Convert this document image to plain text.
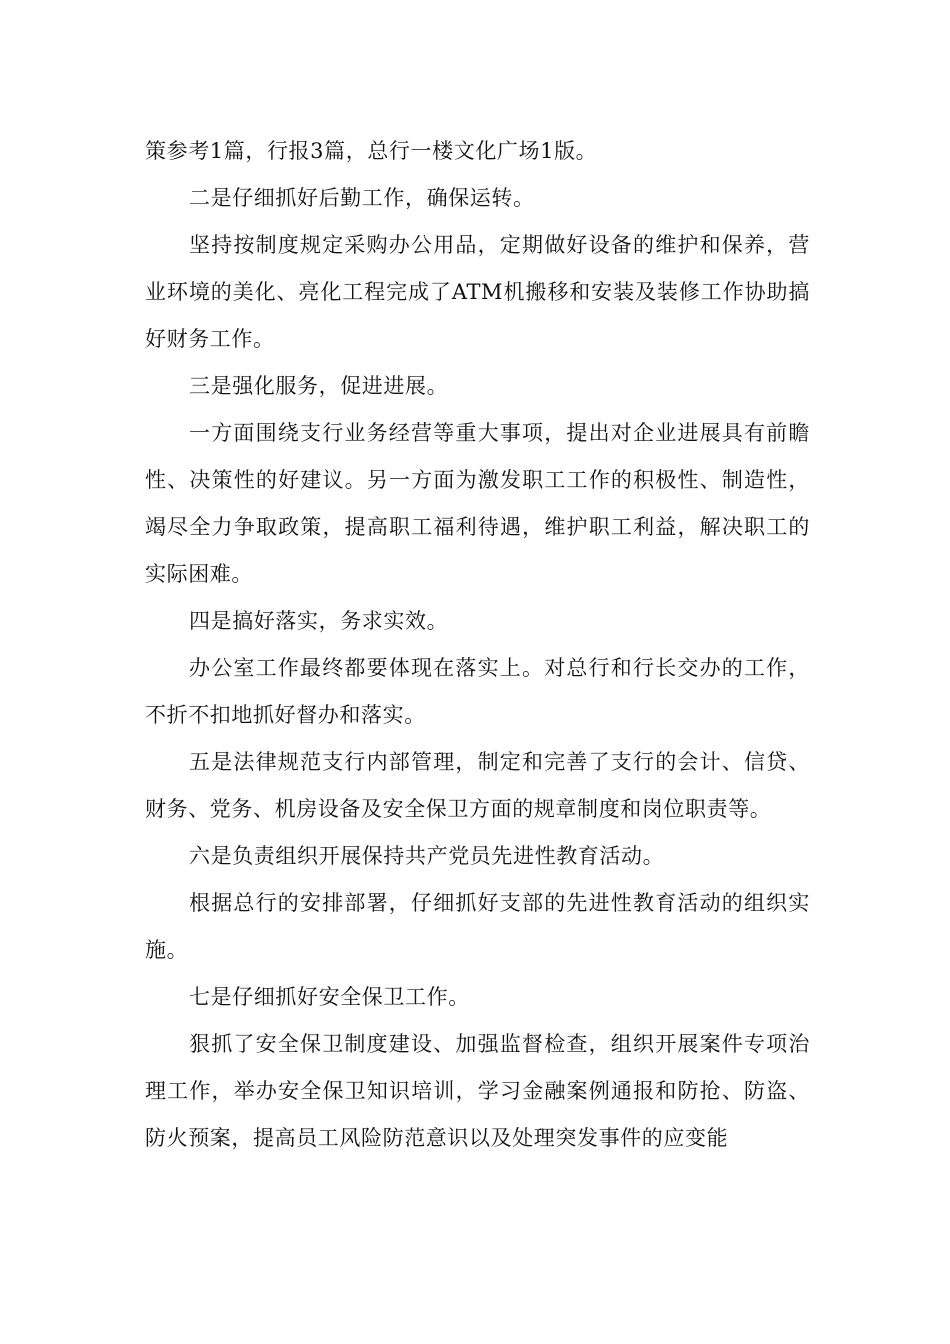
策参考1篇，行报3篇，总行一楼文化广场1版。

二是仔细抓好后勤工作，确保运转。

坚持按制度规定采购办公用品，定期做好设备的维护和保养，营业环境的美化、亮化工程完成了ATM机搬移和安装及装修工作协助搞好财务工作。

三是强化服务，促进进展。

一方面围绕支行业务经营等重大事项，提出对企业进展具有前瞻性、决策性的好建议。另一方面为激发职工工作的积极性、制造性，竭尽全力争取政策，提高职工福利待遇，维护职工利益，解决职工的实际困难。

四是搞好落实，务求实效。

办公室工作最终都要体现在落实上。对总行和行长交办的工作，不折不扣地抓好督办和落实。

五是法律规范支行内部管理，制定和完善了支行的会计、信贷、财务、党务、机房设备及安全保卫方面的规章制度和岗位职责等。

六是负责组织开展保持共产党员先进性教育活动。

根据总行的安排部署，仔细抓好支部的先进性教育活动的组织实施。

七是仔细抓好安全保卫工作。

狠抓了安全保卫制度建设、加强监督检查，组织开展案件专项治理工作，举办安全保卫知识培训，学习金融案例通报和防抢、防盗、防火预案，提高员工风险防范意识以及处理突发事件的应变能
